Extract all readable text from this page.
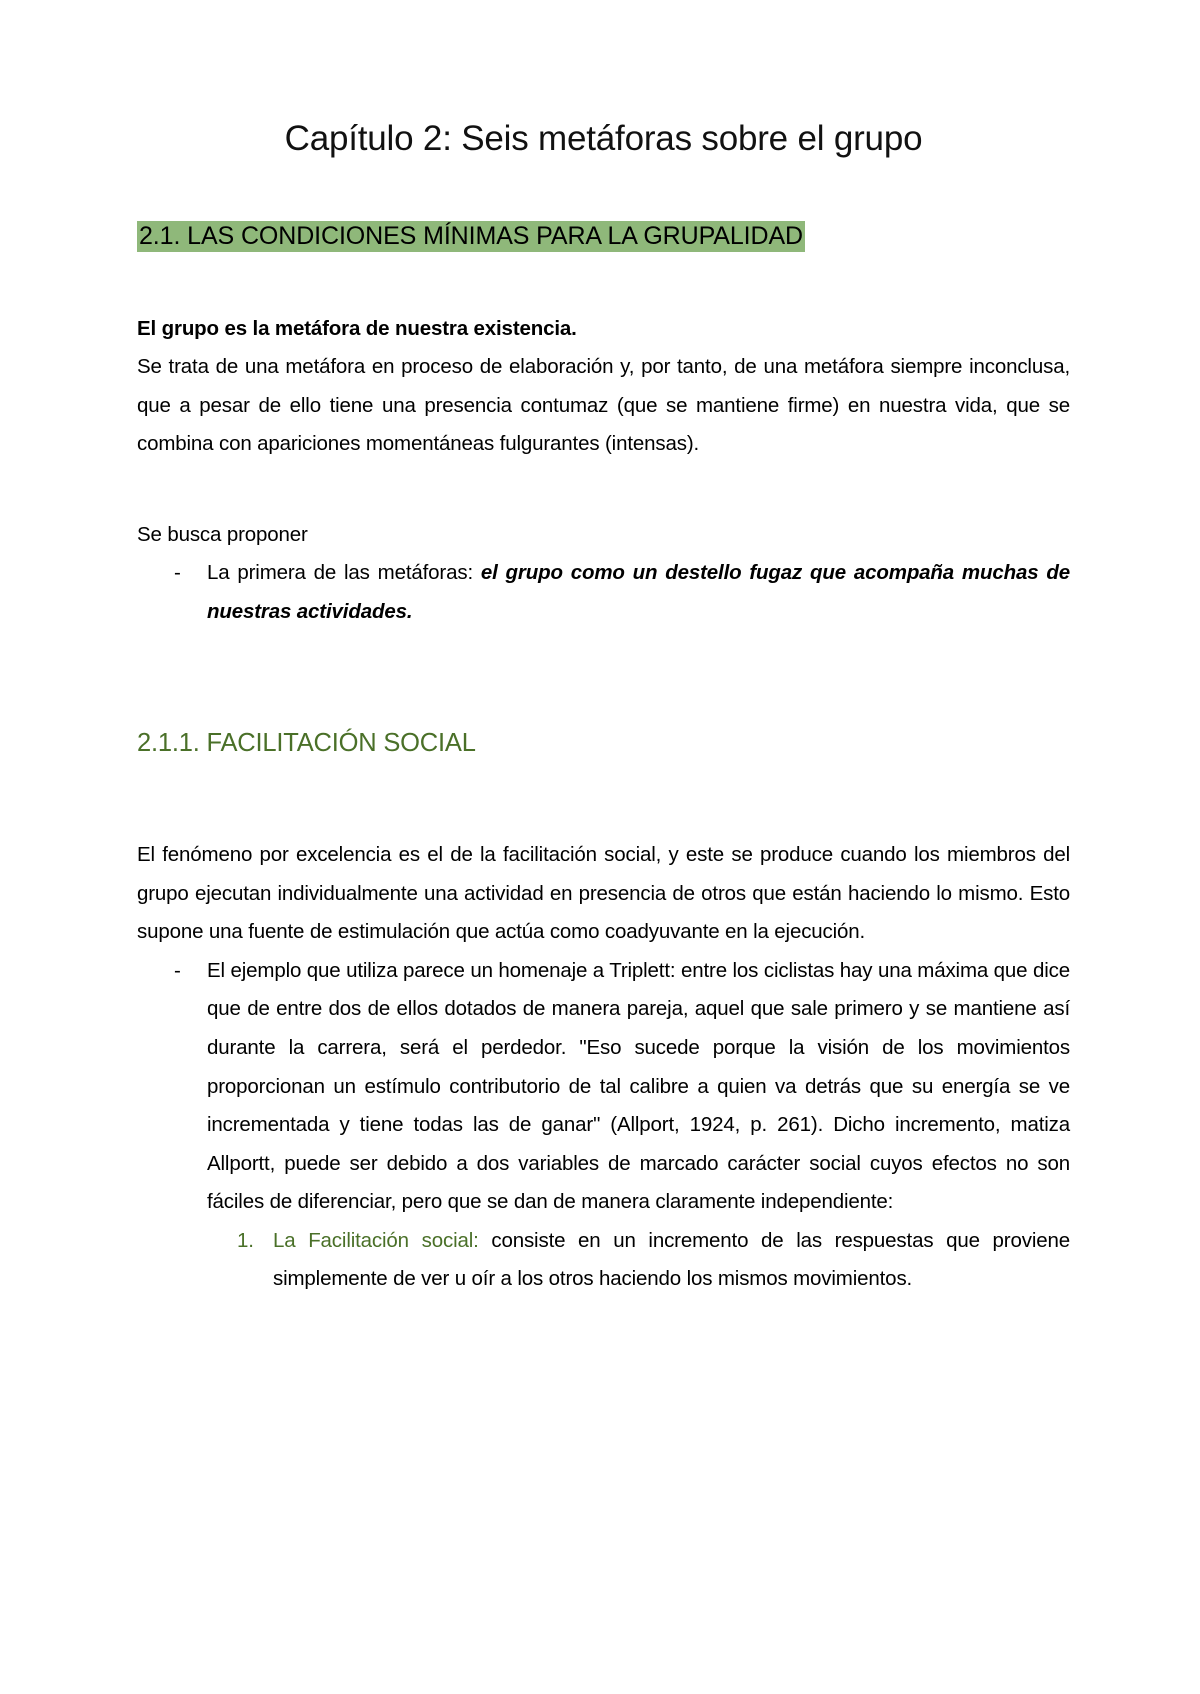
Capítulo 2: Seis metáforas sobre el grupo
2.1. LAS CONDICIONES MÍNIMAS PARA LA GRUPALIDAD

El grupo es la metáfora de nuestra existencia.

Se trata de una metáfora en proceso de elaboración y, por tanto, de una metáfora siempre inconclusa, que a pesar de ello tiene una presencia contumaz (que se mantiene firme) en nuestra vida, que se combina con apariciones momentáneas fulgurantes (intensas).

Se busca proponer

- La primera de las metáforas: el grupo como un destello fugaz que acompaña muchas de nuestras actividades.
2.1.1. FACILITACIÓN SOCIAL

El fenómeno por excelencia es el de la facilitación social, y este se produce cuando los miembros del grupo ejecutan individualmente una actividad en presencia de otros que están haciendo lo mismo. Esto supone una fuente de estimulación que actúa como coadyuvante en la ejecución.

- El ejemplo que utiliza parece un homenaje a Triplett: entre los ciclistas hay una máxima que dice que de entre dos de ellos dotados de manera pareja, aquel que sale primero y se mantiene así durante la carrera, será el perdedor. "Eso sucede porque la visión de los movimientos proporcionan un estímulo contributorio de tal calibre a quien va detrás que su energía se ve incrementada y tiene todas las de ganar" (Allport, 1924, p. 261). Dicho incremento, matiza Allportt, puede ser debido a dos variables de marcado carácter social cuyos efectos no son fáciles de diferenciar, pero que se dan de manera claramente independiente:
1. La Facilitación social: consiste en un incremento de las respuestas que proviene simplemente de ver u oír a los otros haciendo los mismos movimientos.
